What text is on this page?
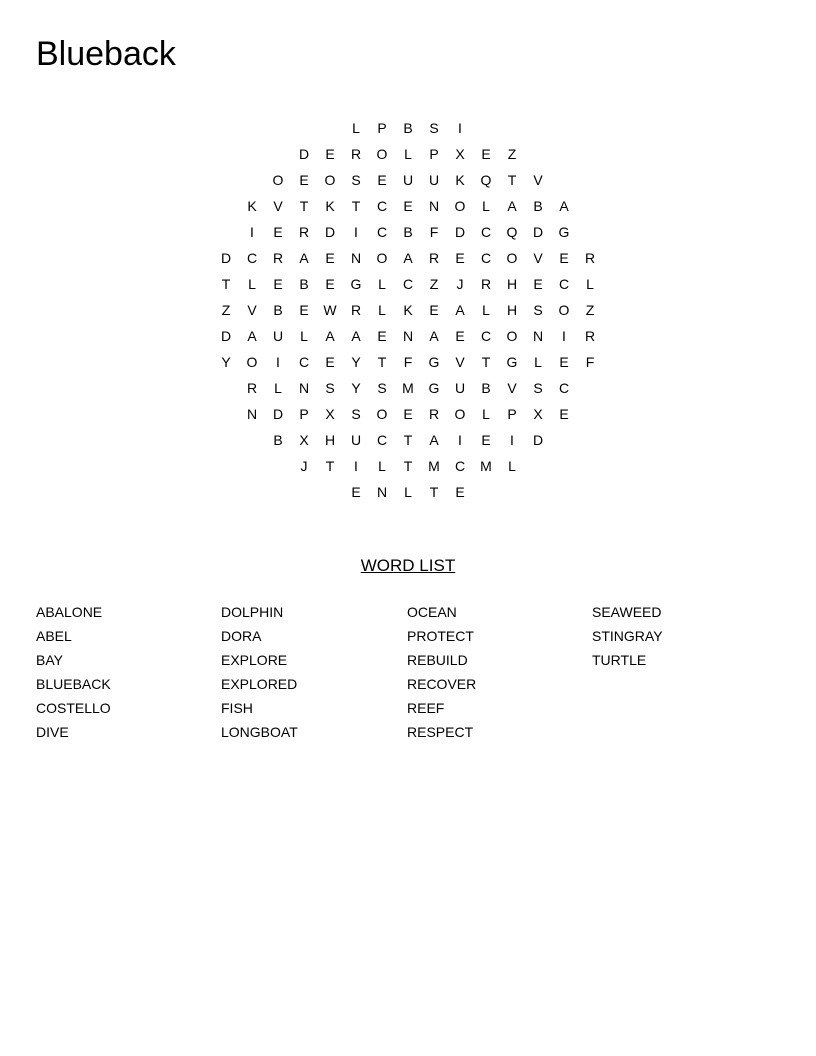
Blueback
L	P	B	S	I
D	E	R	O	L	P	X	E	Z
O	E	O	S	E	U	U	K	Q	T	V
K	V	T	K	T	C	E	N	O	L	A	B	A
I	E	R	D	I	C	B	F	D	C	Q	D	G
D	C	R	A	E	N	O	A	R	E	C	O	V	E	R
T	L	E	B	E	G	L	C	Z	J	R	H	E	C	L
Z	V	B	E	W	R	L	K	E	A	L	H	S	O	Z
D	A	U	L	A	A	E	N	A	E	C	O	N	I	R
Y	O	I	C	E	Y	T	F	G	V	T	G	L	E	F
R	L	N	S	Y	S	M	G	U	B	V	S	C
N	D	P	X	S	O	E	R	O	L	P	X	E
B	X	H	U	C	T	A	I	E	I	D
J	T	I	L	T	M	C	M	L
E	N	L	T	E
WORD LIST
ABALONE
ABEL
BAY
BLUEBACK
COSTELLO
DIVE
DOLPHIN
DORA
EXPLORE
EXPLORED
FISH
LONGBOAT
OCEAN
PROTECT
REBUILD
RECOVER
REEF
RESPECT
SEAWEED
STINGRAY
TURTLE
